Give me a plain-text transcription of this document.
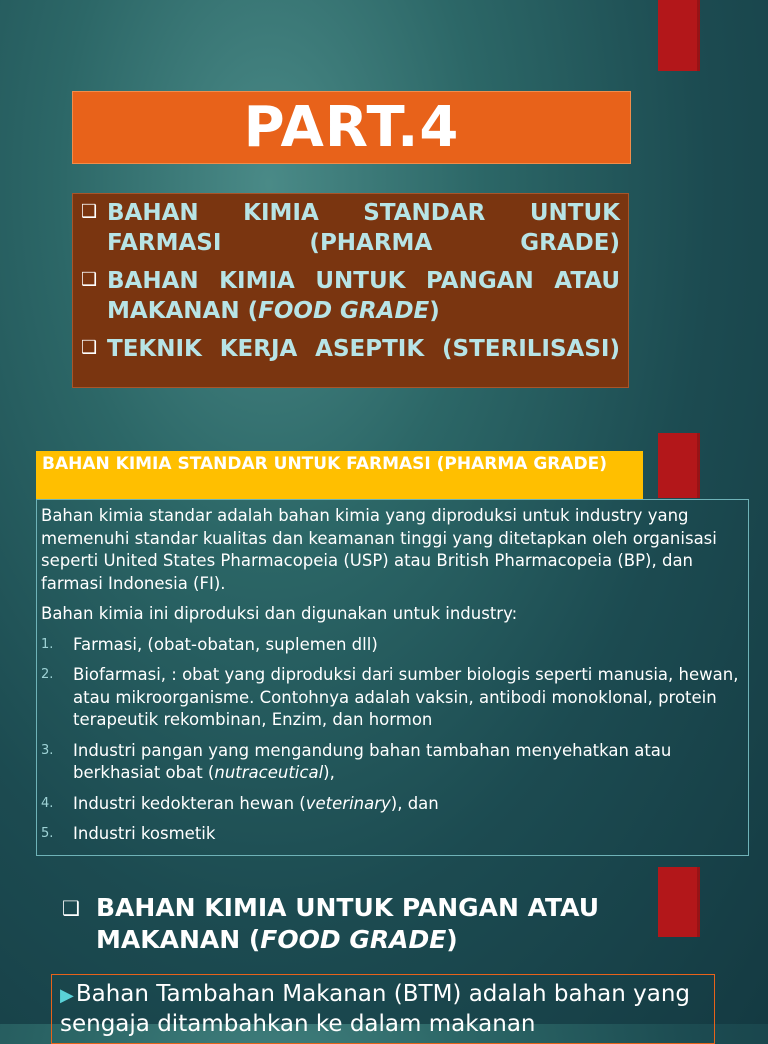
PART.4
❑ BAHAN KIMIA STANDAR UNTUK FARMASI (PHARMA GRADE)
❑ BAHAN KIMIA UNTUK PANGAN ATAU MAKANAN (FOOD GRADE)
❑ TEKNIK KERJA ASEPTIK (STERILISASI)
BAHAN KIMIA STANDAR UNTUK FARMASI (PHARMA GRADE)

Bahan kimia standar adalah bahan kimia yang diproduksi untuk industry yang memenuhi standar kualitas dan keamanan tinggi yang ditetapkan oleh organisasi seperti United States Pharmacopeia (USP) atau British Pharmacopeia (BP), dan farmasi Indonesia (FI).

Bahan kimia ini diproduksi dan digunakan untuk industry:

1.	Farmasi, (obat-obatan, suplemen dll)
2.	Biofarmasi, : obat yang diproduksi dari sumber biologis seperti manusia, hewan, atau mikroorganisme. Contohnya adalah vaksin, antibodi monoklonal, protein terapeutik rekombinan, Enzim, dan hormon
3.	Industri pangan yang mengandung bahan tambahan menyehatkan atau berkhasiat obat (nutraceutical),
4.	Industri kedokteran hewan (veterinary), dan
5.	Industri kosmetik
❑ BAHAN KIMIA UNTUK PANGAN ATAU MAKANAN (FOOD GRADE)
▶Bahan Tambahan Makanan (BTM) adalah bahan yang sengaja ditambahkan ke dalam makanan
